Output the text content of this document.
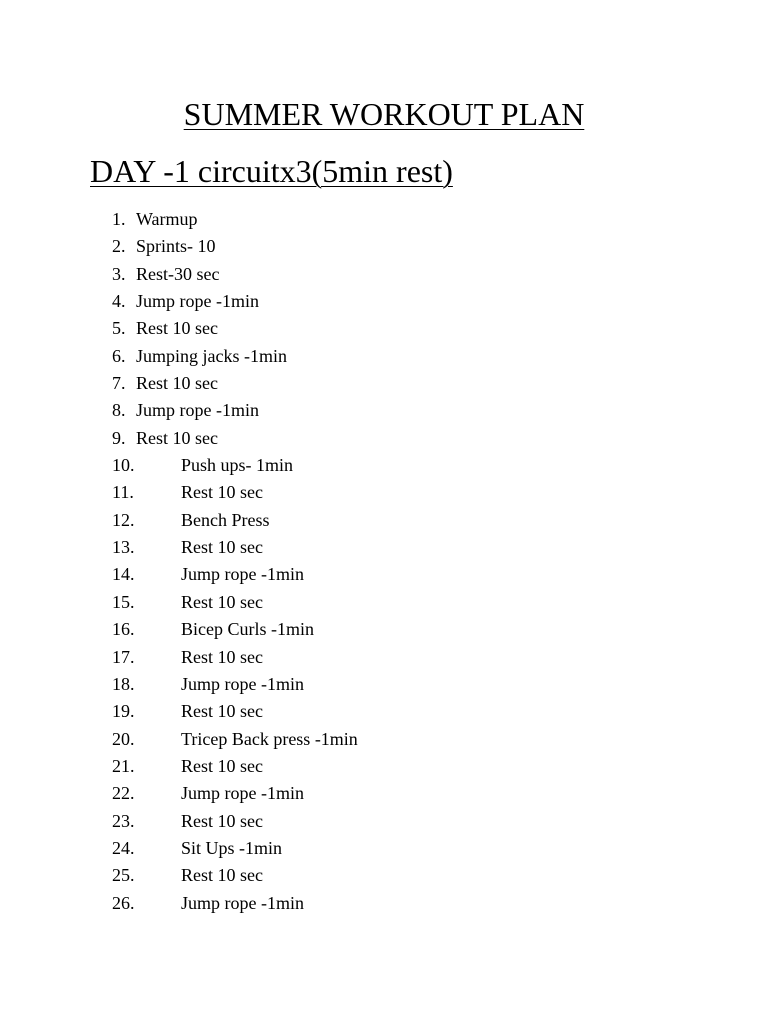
SUMMER WORKOUT PLAN
DAY -1 circuitx3(5min rest)
1. Warmup
2. Sprints- 10
3. Rest-30 sec
4. Jump rope -1min
5. Rest 10 sec
6. Jumping jacks -1min
7. Rest 10 sec
8. Jump rope -1min
9. Rest 10 sec
10.	Push ups- 1min
11.	Rest 10 sec
12.	Bench Press
13.	Rest 10 sec
14.	Jump rope -1min
15.	Rest 10 sec
16.	Bicep Curls -1min
17.	Rest 10 sec
18.	Jump rope -1min
19.	Rest 10 sec
20.	Tricep Back press -1min
21.	Rest 10 sec
22.	Jump rope -1min
23.	Rest 10 sec
24.	Sit Ups -1min
25.	Rest 10 sec
26.	Jump rope -1min
